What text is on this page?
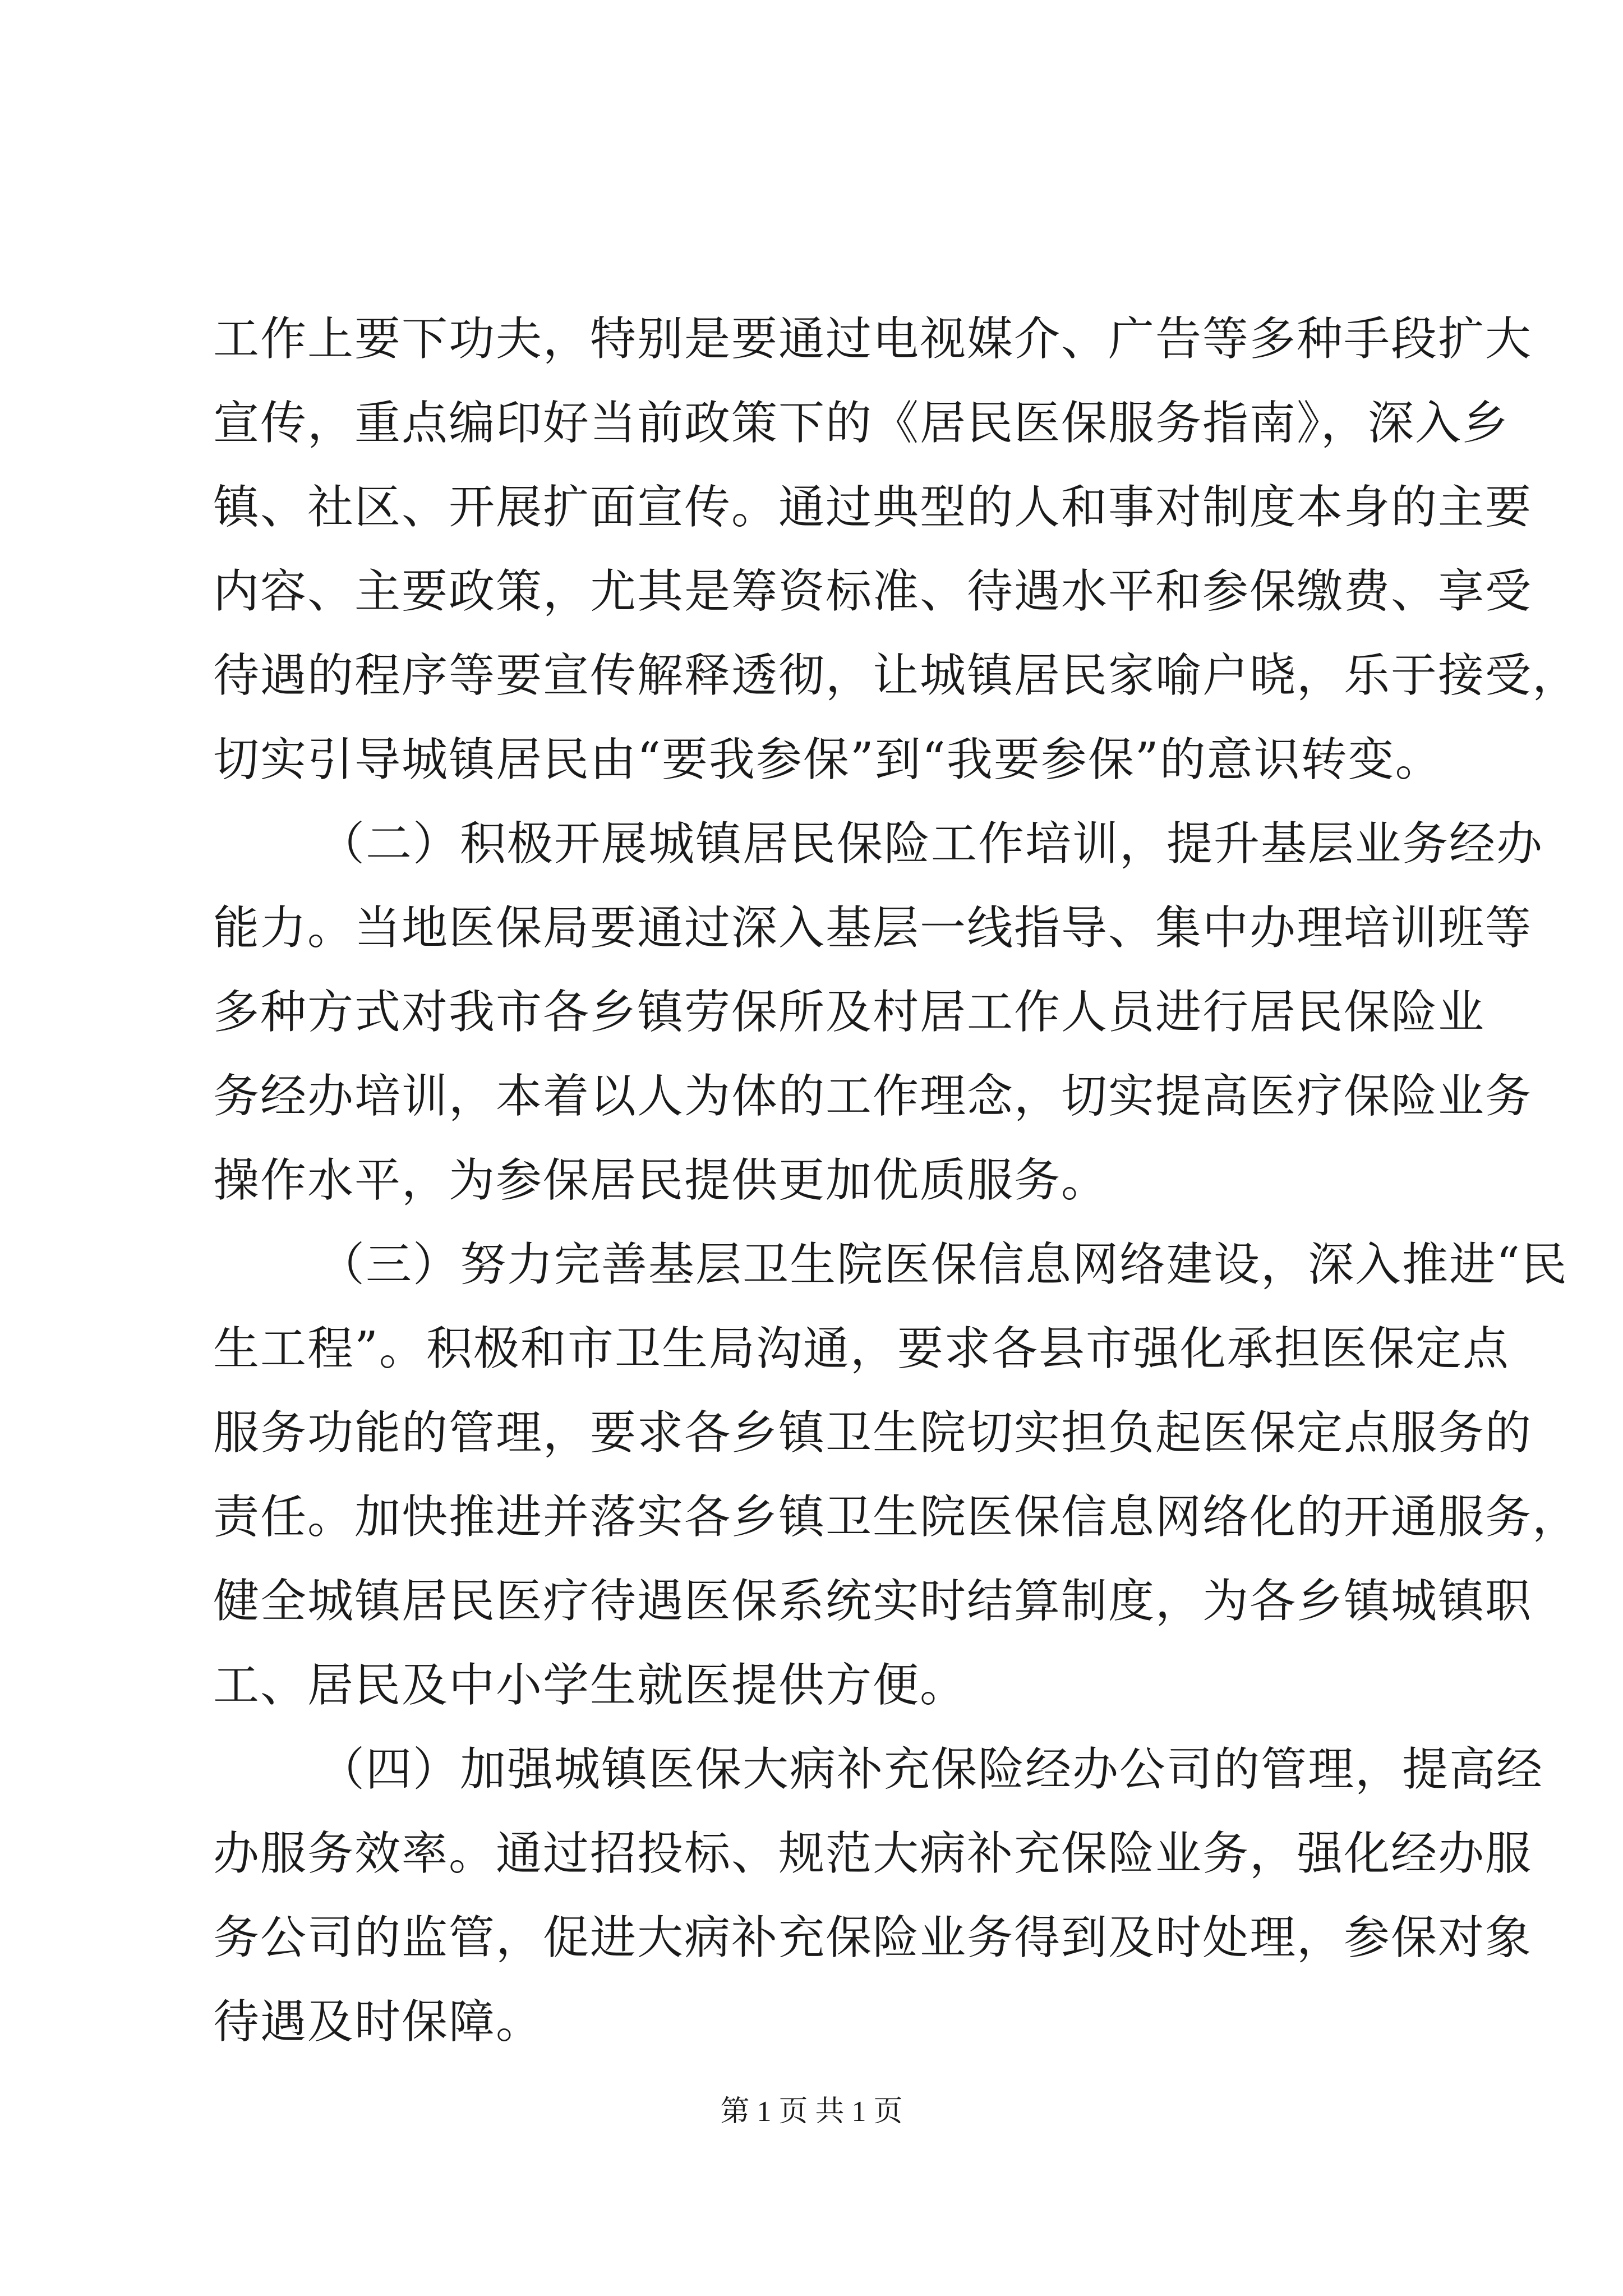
工作上要下功夫，特别是要通过电视媒介、广告等多种手段扩大
宣传，重点编印好当前政策下的《居民医保服务指南》，深入乡
镇、社区、开展扩面宣传。通过典型的人和事对制度本身的主要
内容、主要政策，尤其是筹资标准、待遇水平和参保缴费、享受
待遇的程序等要宣传解释透彻，让城镇居民家喻户晓，乐于接受，
切实引导城镇居民由“要我参保”到“我要参保”的意识转变。
（二）积极开展城镇居民保险工作培训，提升基层业务经办
能力。当地医保局要通过深入基层一线指导、集中办理培训班等
多种方式对我市各乡镇劳保所及村居工作人员进行居民保险业
务经办培训，本着以人为体的工作理念，切实提高医疗保险业务
操作水平，为参保居民提供更加优质服务。
（三）努力完善基层卫生院医保信息网络建设，深入推进“民
生工程”。积极和市卫生局沟通，要求各县市强化承担医保定点
服务功能的管理，要求各乡镇卫生院切实担负起医保定点服务的
责任。加快推进并落实各乡镇卫生院医保信息网络化的开通服务，
健全城镇居民医疗待遇医保系统实时结算制度，为各乡镇城镇职
工、居民及中小学生就医提供方便。
（四）加强城镇医保大病补充保险经办公司的管理，提高经
办服务效率。通过招投标、规范大病补充保险业务，强化经办服
务公司的监管，促进大病补充保险业务得到及时处理，参保对象
待遇及时保障。
第 1 页 共 1 页
